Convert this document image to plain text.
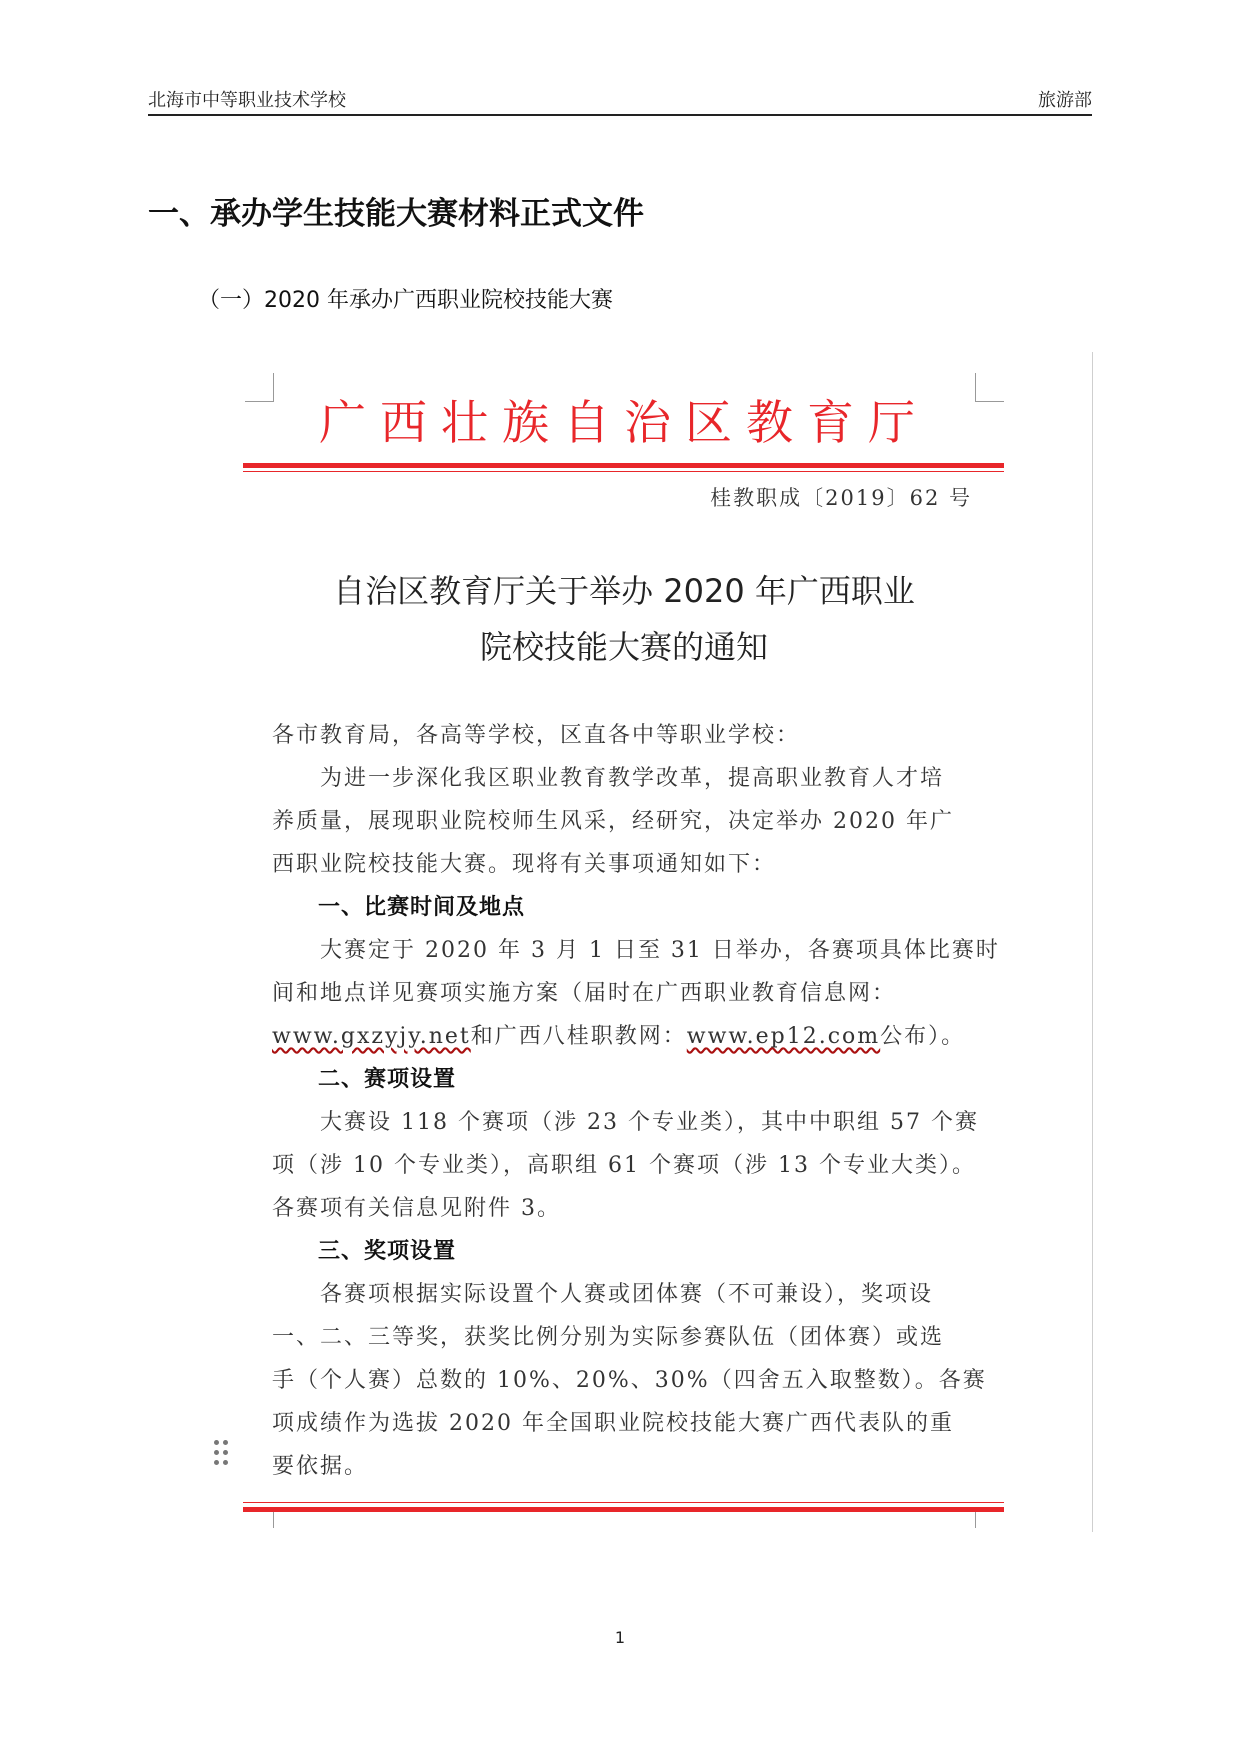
北海市中等职业技术学校	旅游部
一、承办学生技能大赛材料正式文件
（一）2020 年承办广西职业院校技能大赛
广西壮族自治区教育厅
桂教职成〔2019〕62 号
自治区教育厅关于举办 2020 年广西职业
院校技能大赛的通知
各市教育局，各高等学校，区直各中等职业学校：
　　为进一步深化我区职业教育教学改革，提高职业教育人才培
养质量，展现职业院校师生风采，经研究，决定举办 2020 年广
西职业院校技能大赛。现将有关事项通知如下：
　　一、比赛时间及地点
　　大赛定于 2020 年 3 月 1 日至 31 日举办，各赛项具体比赛时
间和地点详见赛项实施方案（届时在广西职业教育信息网：
www.gxzyjy.net和广西八桂职教网：www.ep12.com公布）。
　　二、赛项设置
　　大赛设 118 个赛项（涉 23 个专业类），其中中职组 57 个赛
项（涉 10 个专业类），高职组 61 个赛项（涉 13 个专业大类）。
各赛项有关信息见附件 3。
　　三、奖项设置
　　各赛项根据实际设置个人赛或团体赛（不可兼设），奖项设
一、二、三等奖，获奖比例分别为实际参赛队伍（团体赛）或选
手（个人赛）总数的 10%、20%、30%（四舍五入取整数）。各赛
项成绩作为选拔 2020 年全国职业院校技能大赛广西代表队的重
要依据。
1
